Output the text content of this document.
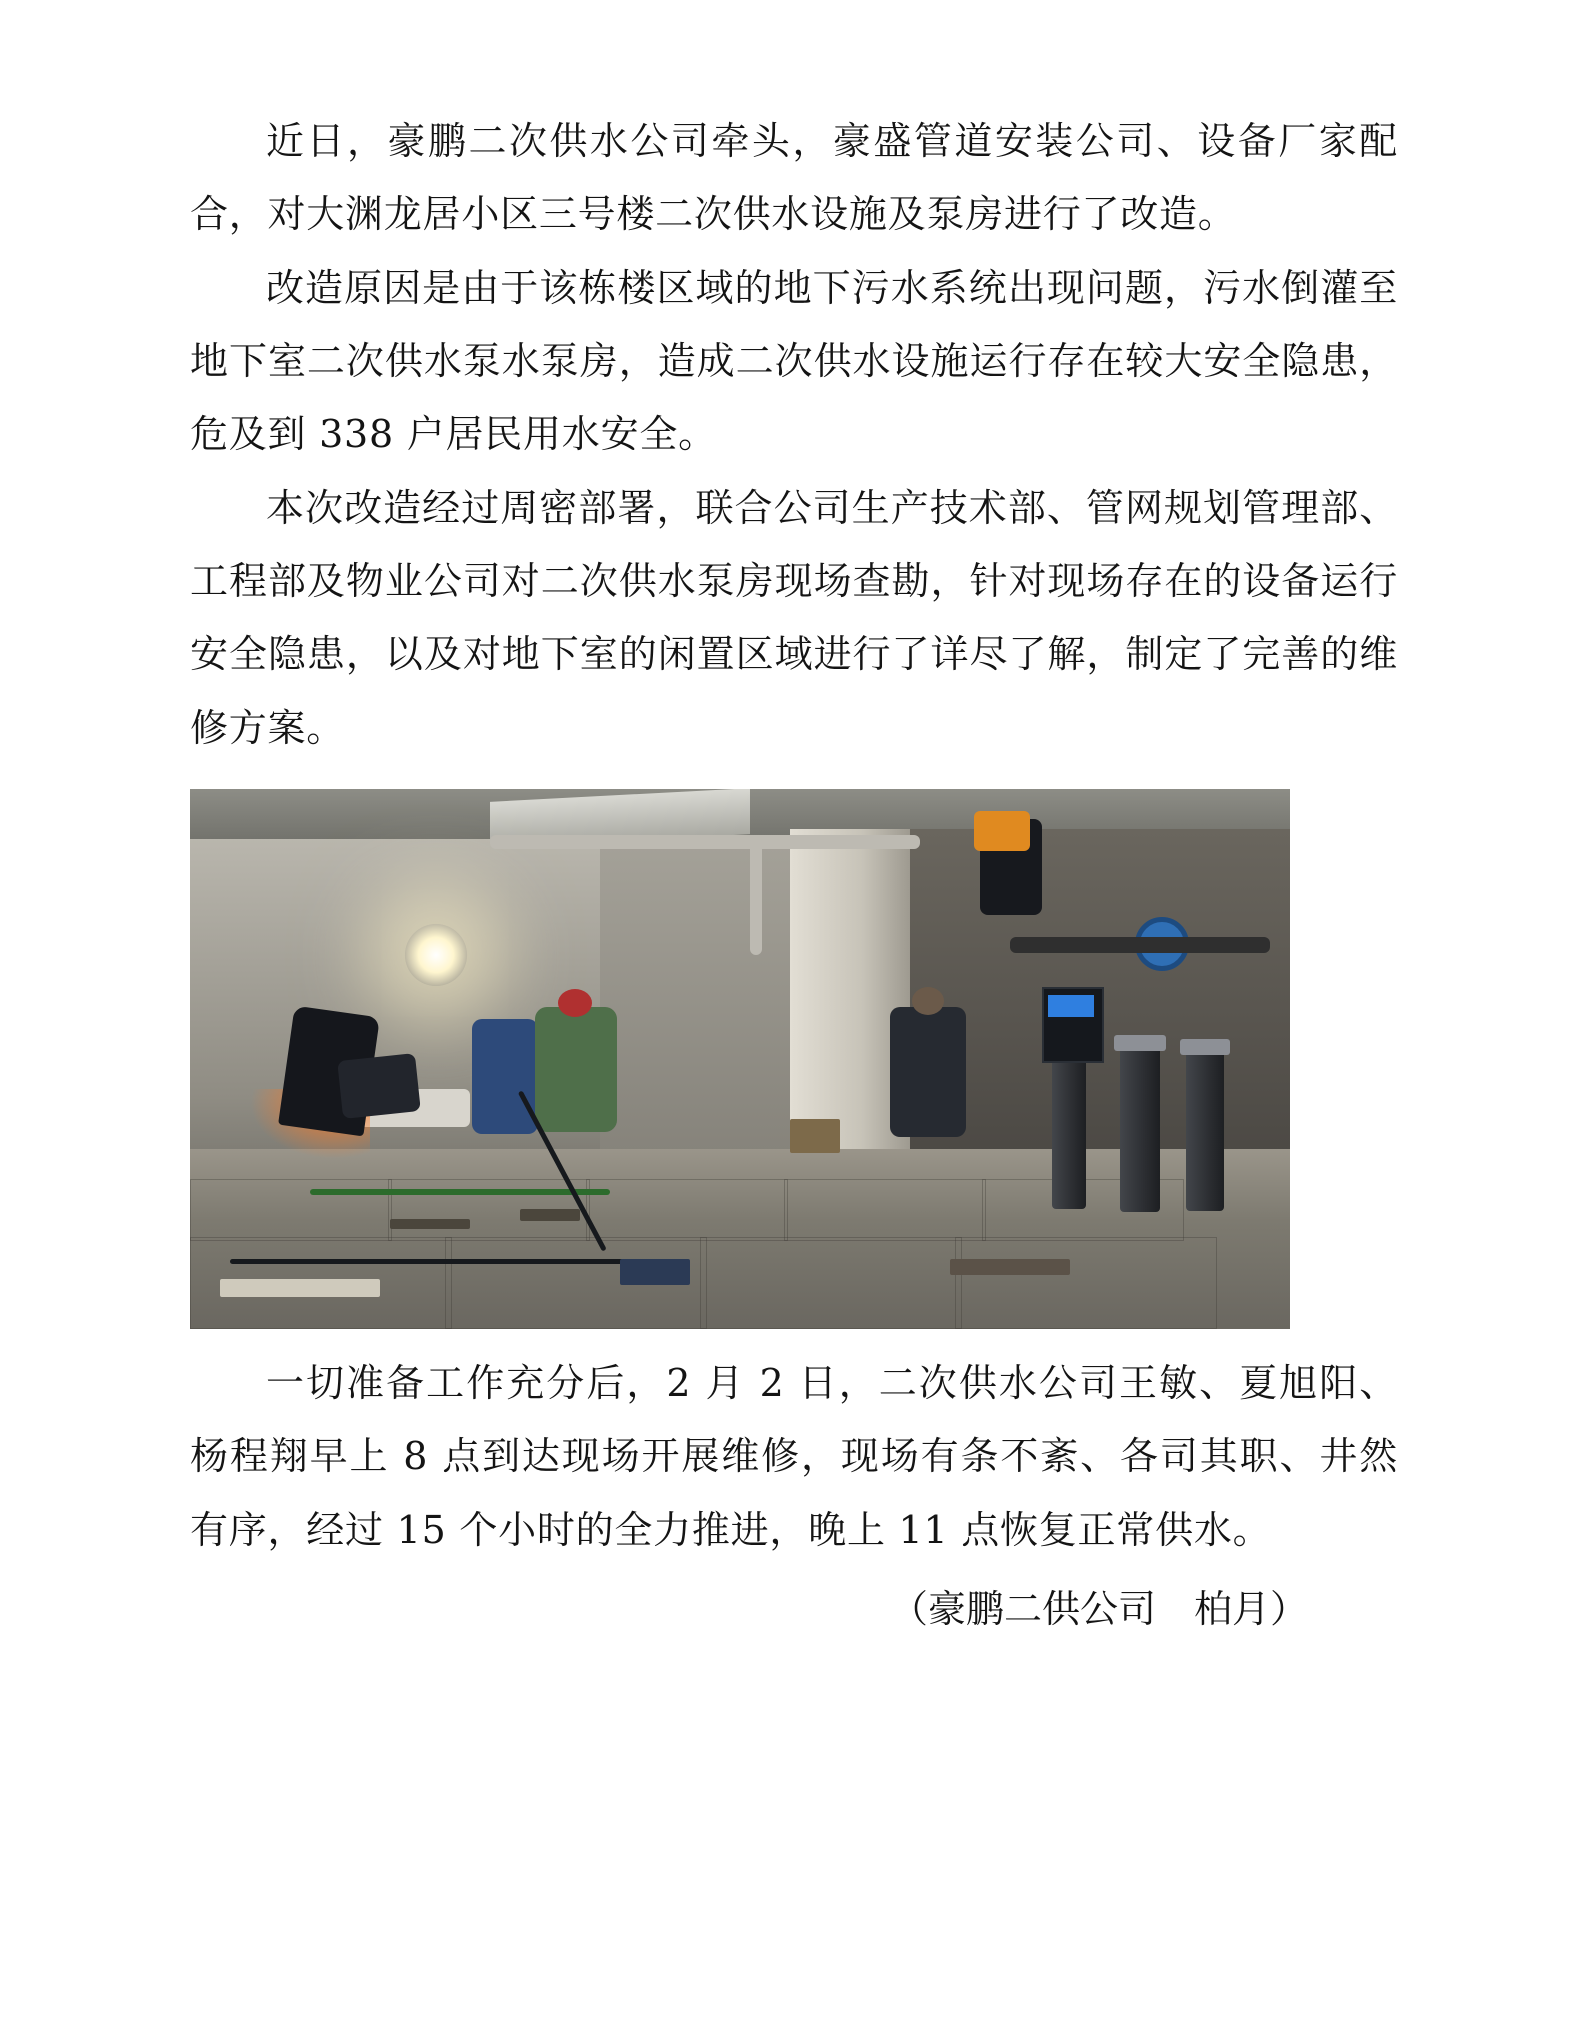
近日，豪鹏二次供水公司牵头，豪盛管道安装公司、设备厂家配合，对大渊龙居小区三号楼二次供水设施及泵房进行了改造。

改造原因是由于该栋楼区域的地下污水系统出现问题，污水倒灌至地下室二次供水泵水泵房，造成二次供水设施运行存在较大安全隐患，危及到 338 户居民用水安全。

本次改造经过周密部署，联合公司生产技术部、管网规划管理部、工程部及物业公司对二次供水泵房现场查勘，针对现场存在的设备运行安全隐患，以及对地下室的闲置区域进行了详尽了解，制定了完善的维修方案。

一切准备工作充分后，2 月 2 日，二次供水公司王敏、夏旭阳、杨程翔早上 8 点到达现场开展维修，现场有条不紊、各司其职、井然有序，经过 15 个小时的全力推进，晚上 11 点恢复正常供水。

（豪鹏二供公司　柏月）
